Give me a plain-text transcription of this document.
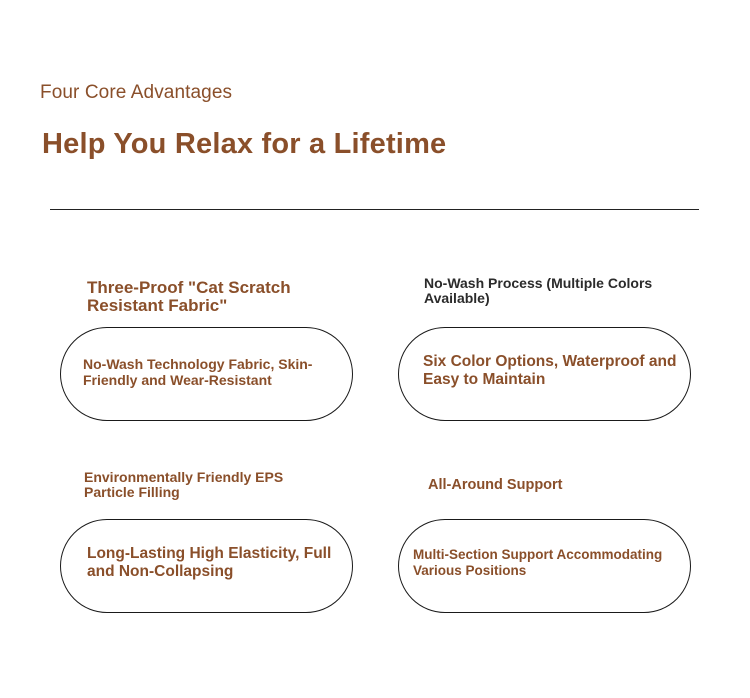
Four Core Advantages
Help You Relax for a Lifetime
Three-Proof "Cat Scratch Resistant Fabric"
No-Wash Technology Fabric, Skin-Friendly and Wear-Resistant
No-Wash Process (Multiple Colors Available)
Six Color Options, Waterproof and Easy to Maintain
Environmentally Friendly EPS Particle Filling
Long-Lasting High Elasticity, Full and Non-Collapsing
All-Around Support
Multi-Section Support Accommodating Various Positions
